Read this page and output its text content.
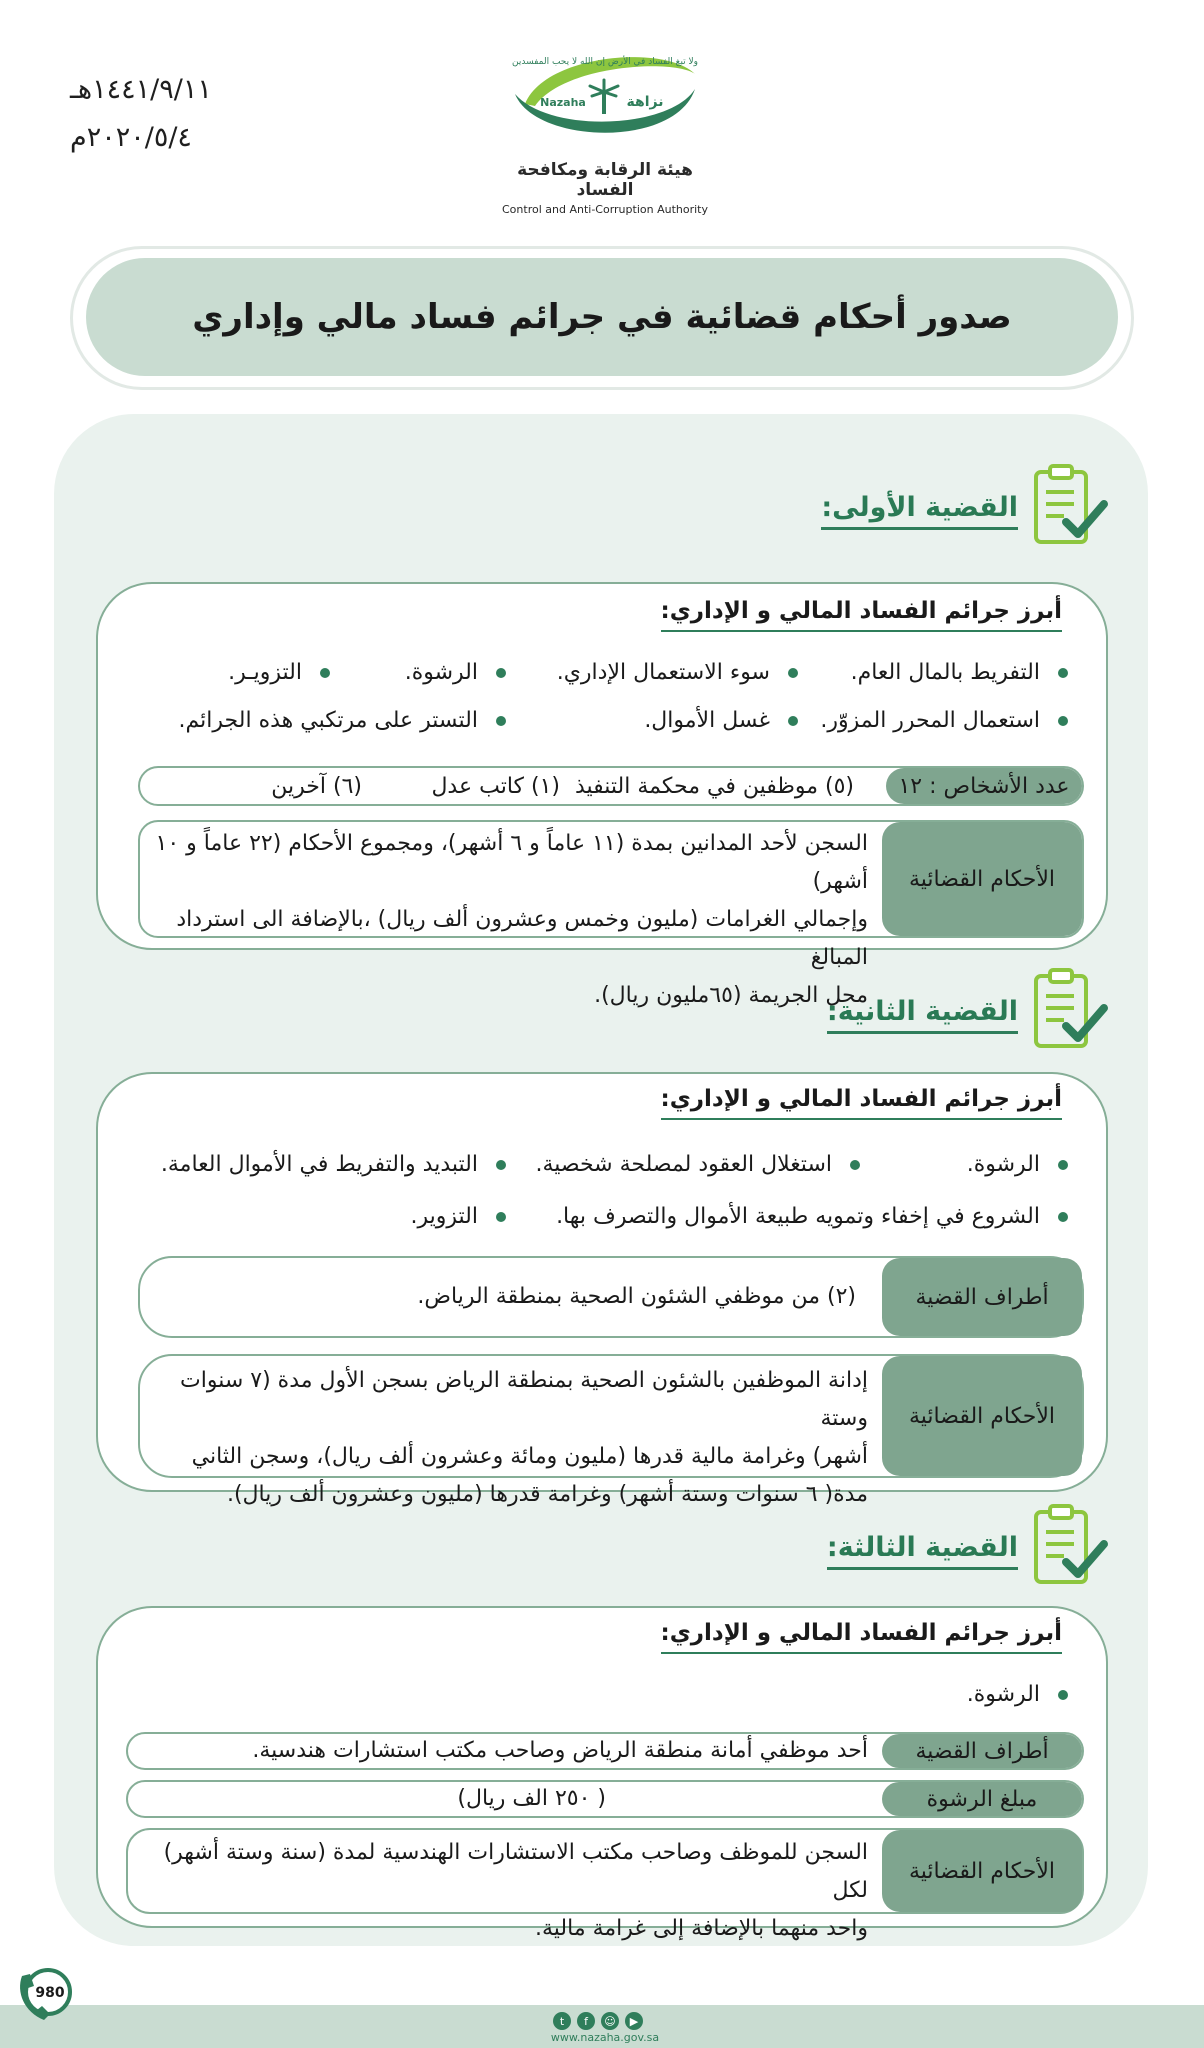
١٤٤١/٩/١١هـ
٢٠٢٠/٥/٤م
ولا تبغ الفساد في الأرض إن الله لا يحب المفسدين
Nazaha	نزاهة
هيئة الرقابة ومكافحة الفساد
Control and Anti-Corruption Authority
صدور أحكام قضائية في جرائم فساد مالي وإداري
القضية الأولى:
أبرز جرائم الفساد المالي و الإداري:
التفريط بالمال العام.
سوء الاستعمال الإداري.
الرشوة.
التزويـر.
استعمال المحرر المزوّر.
غسل الأموال.
التستر على مرتكبي هذه الجرائم.
عدد الأشخاص : ١٢
(٥) موظفين في محكمة التنفيذ
(١) كاتب عدل
(٦) آخرين
الأحكام القضائية
السجن لأحد المدانين بمدة (١١ عاماً و ٦ أشهر)، ومجموع الأحكام (٢٢ عاماً و ١٠ أشهر)
وإجمالي الغرامات (مليون وخمس وعشرون ألف ريال) ،بالإضافة الى استرداد المبالغ
محل الجريمة (٦٥مليون ريال).
القضية الثانية:
أبرز جرائم الفساد المالي و الإداري:
الرشوة.
استغلال العقود لمصلحة شخصية.
التبديد والتفريط في الأموال العامة.
الشروع في إخفاء وتمويه طبيعة الأموال والتصرف بها.
التزوير.
أطراف القضية
(٢) من موظفي الشئون الصحية بمنطقة الرياض.
الأحكام القضائية
إدانة الموظفين بالشئون الصحية بمنطقة الرياض بسجن الأول مدة (٧ سنوات وستة
أشهر) وغرامة مالية قدرها (مليون ومائة وعشرون ألف ريال)، وسجن الثاني
مدة( ٦ سنوات وستة أشهر) وغرامة قدرها (مليون وعشرون ألف ريال).
القضية الثالثة:
أبرز جرائم الفساد المالي و الإداري:
الرشوة.
أطراف القضية
أحد موظفي أمانة منطقة الرياض وصاحب مكتب استشارات هندسية.
مبلغ الرشوة
( ٢٥٠ الف ريال)
الأحكام القضائية
السجن للموظف وصاحب مكتب الاستشارات الهندسية لمدة (سنة وستة أشهر) لكل
واحد منهما بالإضافة إلى غرامة مالية.
980
t	f	☺	▶
www.nazaha.gov.sa
